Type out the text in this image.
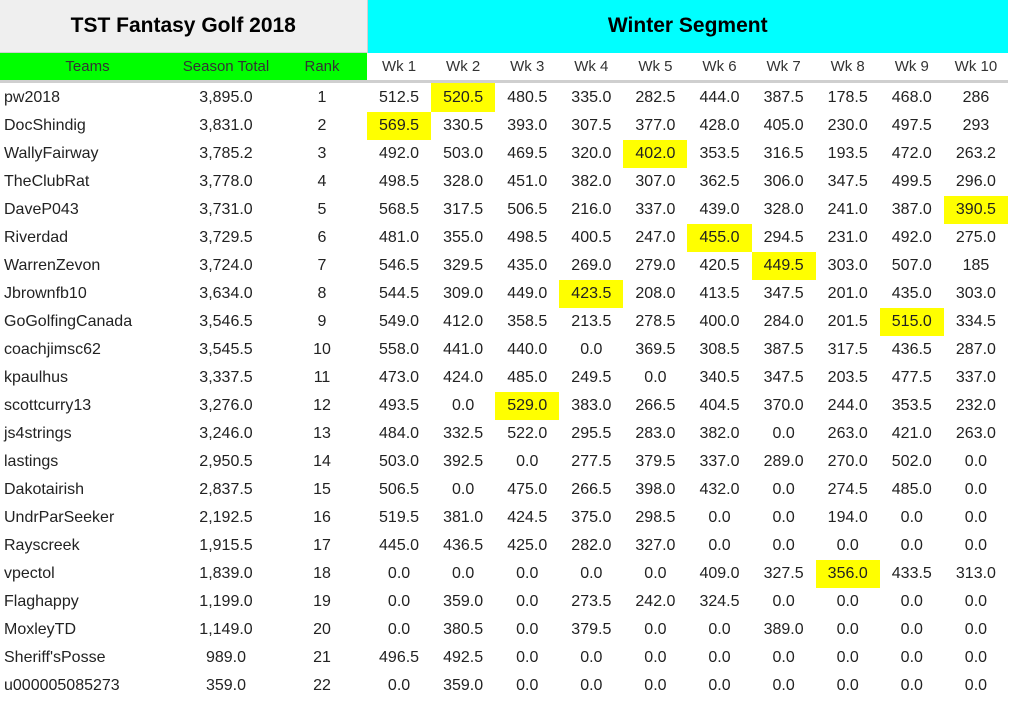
TST Fantasy Golf 2018			Winter Segment									
Teams	Season Total	Rank	Wk 1	Wk 2	Wk 3	Wk 4	Wk 5	Wk 6	Wk 7	Wk 8	Wk 9	Wk 10
pw2018	3,895.0	1	512.5	520.5	480.5	335.0	282.5	444.0	387.5	178.5	468.0	286
DocShindig	3,831.0	2	569.5	330.5	393.0	307.5	377.0	428.0	405.0	230.0	497.5	293
WallyFairway	3,785.2	3	492.0	503.0	469.5	320.0	402.0	353.5	316.5	193.5	472.0	263.2
TheClubRat	3,778.0	4	498.5	328.0	451.0	382.0	307.0	362.5	306.0	347.5	499.5	296.0
DaveP043	3,731.0	5	568.5	317.5	506.5	216.0	337.0	439.0	328.0	241.0	387.0	390.5
Riverdad	3,729.5	6	481.0	355.0	498.5	400.5	247.0	455.0	294.5	231.0	492.0	275.0
WarrenZevon	3,724.0	7	546.5	329.5	435.0	269.0	279.0	420.5	449.5	303.0	507.0	185
Jbrownfb10	3,634.0	8	544.5	309.0	449.0	423.5	208.0	413.5	347.5	201.0	435.0	303.0
GoGolfingCanada	3,546.5	9	549.0	412.0	358.5	213.5	278.5	400.0	284.0	201.5	515.0	334.5
coachjimsc62	3,545.5	10	558.0	441.0	440.0	0.0	369.5	308.5	387.5	317.5	436.5	287.0
kpaulhus	3,337.5	11	473.0	424.0	485.0	249.5	0.0	340.5	347.5	203.5	477.5	337.0
scottcurry13	3,276.0	12	493.5	0.0	529.0	383.0	266.5	404.5	370.0	244.0	353.5	232.0
js4strings	3,246.0	13	484.0	332.5	522.0	295.5	283.0	382.0	0.0	263.0	421.0	263.0
lastings	2,950.5	14	503.0	392.5	0.0	277.5	379.5	337.0	289.0	270.0	502.0	0.0
Dakotairish	2,837.5	15	506.5	0.0	475.0	266.5	398.0	432.0	0.0	274.5	485.0	0.0
UndrParSeeker	2,192.5	16	519.5	381.0	424.5	375.0	298.5	0.0	0.0	194.0	0.0	0.0
Rayscreek	1,915.5	17	445.0	436.5	425.0	282.0	327.0	0.0	0.0	0.0	0.0	0.0
vpectol	1,839.0	18	0.0	0.0	0.0	0.0	0.0	409.0	327.5	356.0	433.5	313.0
Flaghappy	1,199.0	19	0.0	359.0	0.0	273.5	242.0	324.5	0.0	0.0	0.0	0.0
MoxleyTD	1,149.0	20	0.0	380.5	0.0	379.5	0.0	0.0	389.0	0.0	0.0	0.0
Sheriff'sPosse	989.0	21	496.5	492.5	0.0	0.0	0.0	0.0	0.0	0.0	0.0	0.0
u000005085273	359.0	22	0.0	359.0	0.0	0.0	0.0	0.0	0.0	0.0	0.0	0.0
